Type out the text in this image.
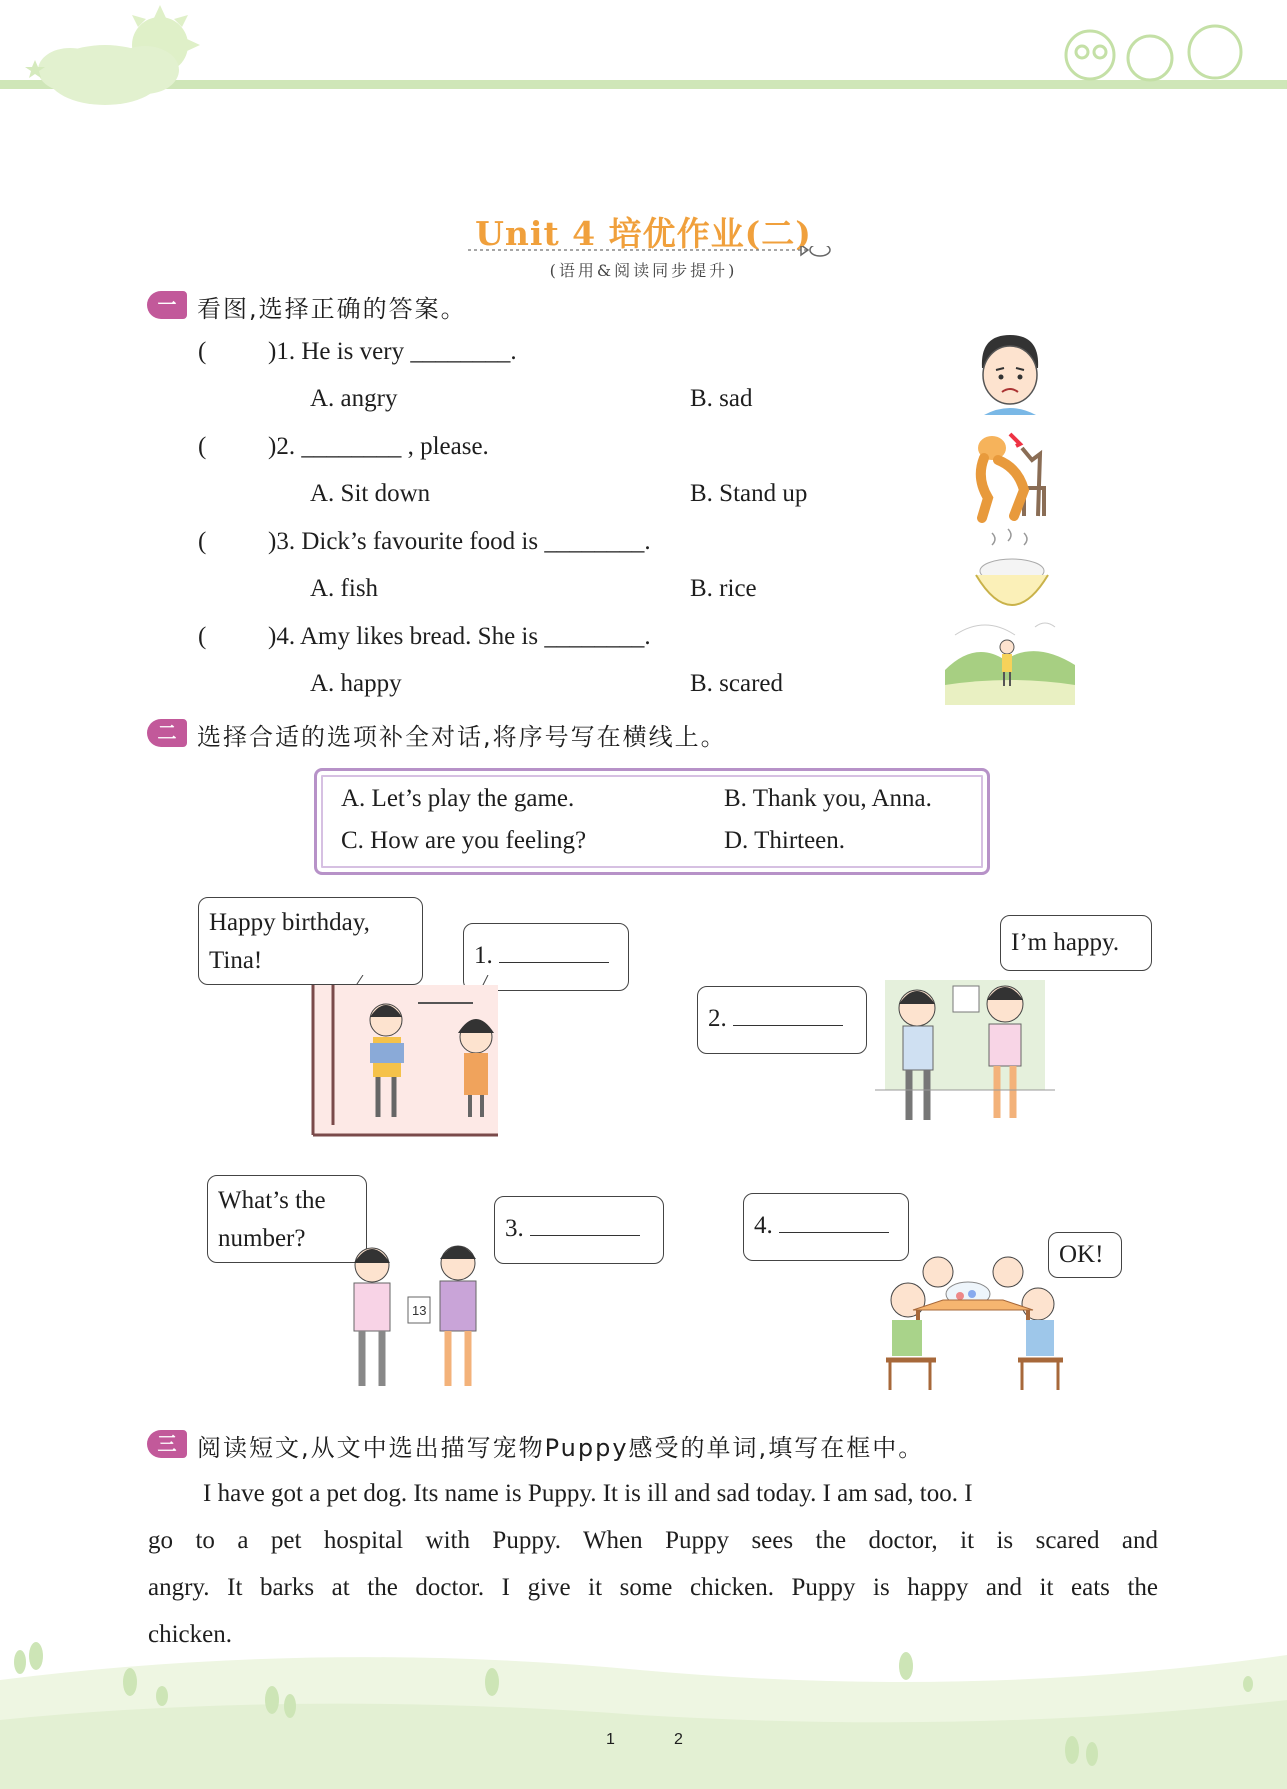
Unit 4 培优作业(二)
(语用&阅读同步提升)
一 看图,选择正确的答案。
( )1. He is very ________.
A. angry	B. sad
( )2. ________ , please.
A. Sit down	B. Stand up
( )3. Dick’s favourite food is ________.
A. fish	B. rice
( )4. Amy likes bread. She is ________.
A. happy	B. scared
二 选择合适的选项补全对话,将序号写在横线上。
A. Let’s play the game.	B. Thank you, Anna.
C. How are you feeling?	D. Thirteen.
Happy birthday, Tina!	1.	I’m happy.
2.
What’s the number?	3.
13
OK!
4.
三 阅读短文,从文中选出描写宠物Puppy感受的单词,填写在框中。
I have got a pet dog. Its name is Puppy. It is ill and sad today. I am sad, too. I
go to a pet hospital with Puppy. When Puppy sees the doctor, it is scared and
angry. It barks at the doctor. I give it some chicken. Puppy is happy and it eats the
chicken.
1	2
